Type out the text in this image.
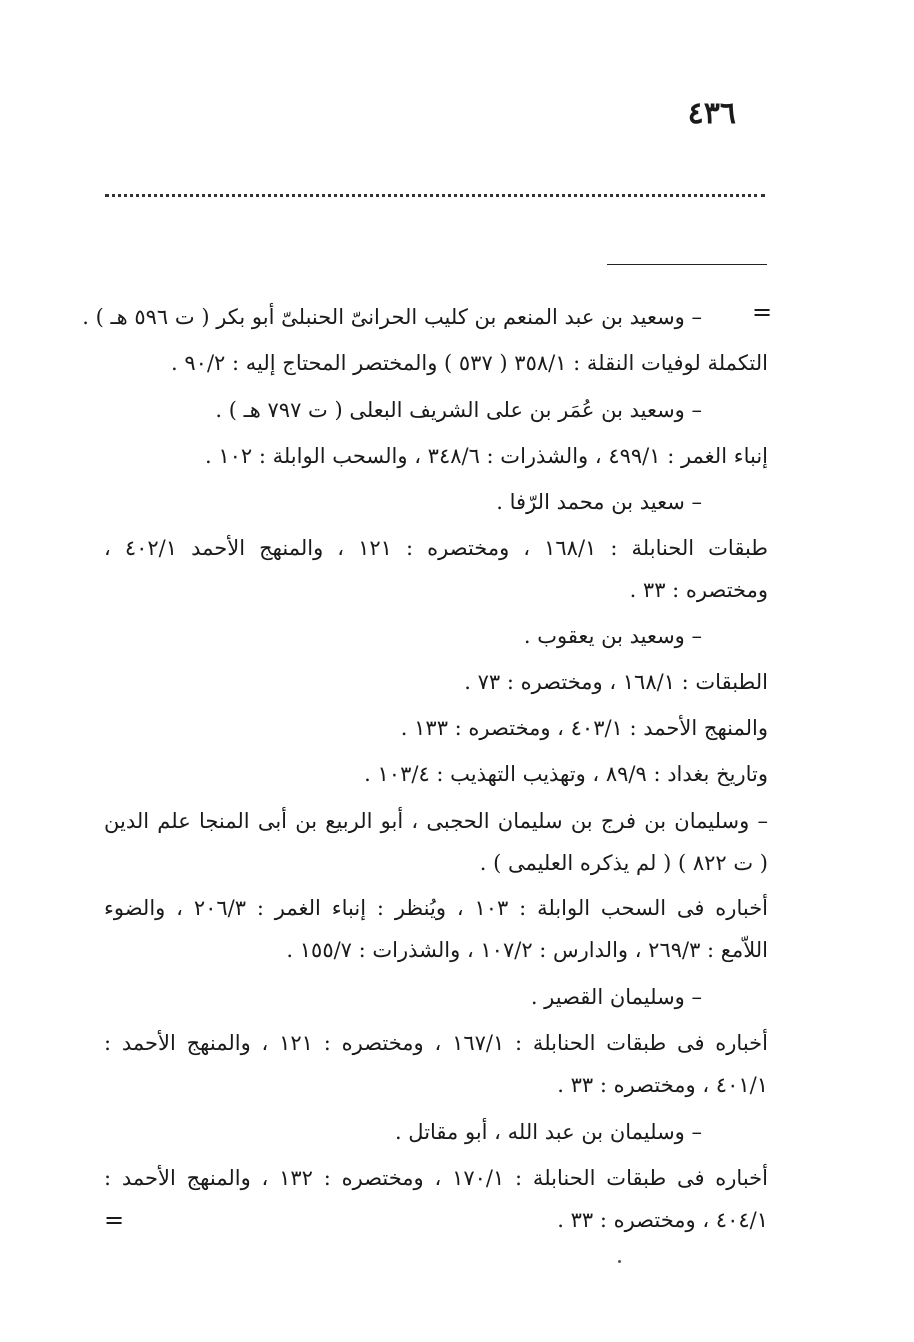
٤٣٦
=
– وسعيد بن عبد المنعم بن كليب الحرانىّ الحنبلىّ أبو بكر ( ت ٥٩٦ هـ ) .
التكملة لوفيات النقلة : ٣٥٨/١ ( ٥٣٧ ) والمختصر المحتاج إليه : ٩٠/٢ .
– وسعيد بن عُمَر بن على الشريف البعلى ( ت ٧٩٧ هـ ) .
إنباء الغمر : ٤٩٩/١ ، والشذرات : ٣٤٨/٦ ، والسحب الوابلة : ١٠٢ .
– سعيد بن محمد الرّفا .
طبقات الحنابلة : ١٦٨/١ ، ومختصره : ١٢١ ، والمنهج الأحمد ٤٠٢/١ ،
ومختصره : ٣٣ .
– وسعيد بن يعقوب .
الطبقات : ١٦٨/١ ، ومختصره : ٧٣ .
والمنهج الأحمد : ٤٠٣/١ ، ومختصره : ١٣٣ .
وتاريخ بغداد : ٨٩/٩ ، وتهذيب التهذيب : ١٠٣/٤ .
– وسليمان بن فرج بن سليمان الحجبى ، أبو الربيع بن أبى المنجا علم الدين
( ت ٨٢٢ ) ( لم يذكره العليمى ) .
أخباره فى السحب الوابلة : ١٠٣ ، ويُنظر : إنباء الغمر : ٢٠٦/٣ ، والضوء
اللاّمع : ٢٦٩/٣ ، والدارس : ١٠٧/٢ ، والشذرات : ١٥٥/٧ .
– وسليمان القصير .
أخباره فى طبقات الحنابلة : ١٦٧/١ ، ومختصره : ١٢١ ، والمنهج الأحمد :
٤٠١/١ ، ومختصره : ٣٣ .
– وسليمان بن عبد الله ، أبو مقاتل .
أخباره فى طبقات الحنابلة : ١٧٠/١ ، ومختصره : ١٣٢ ، والمنهج الأحمد :
٤٠٤/١ ، ومختصره : ٣٣ .
=
